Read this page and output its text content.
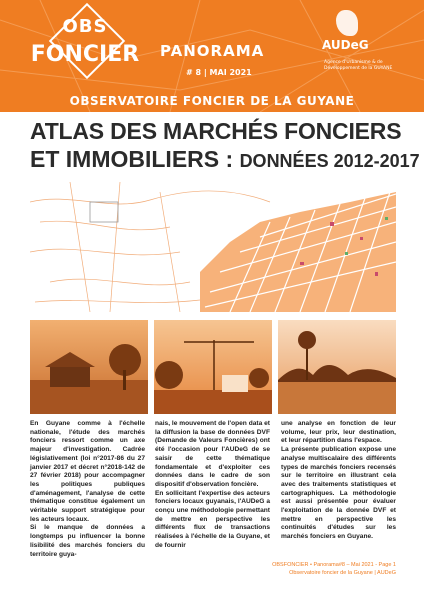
OBS
FONCIER PANORAMA
# 8 | MAI 2021
AUDeG
Agence d'Urbanisme & de Développement de la GUYANE
OBSERVATOIRE FONCIER DE LA GUYANE
ATLAS DES MARCHÉS FONCIERS
ET IMMOBILIERS : DONNÉES 2012-2017

En Guyane comme à l'échelle nationale, l'étude des marchés fonciers ressort comme un axe majeur d'investigation. Cadrée législativement (loi n°2017-86 du 27 janvier 2017 et décret n°2018-142 de 27 février 2018) pour accompagner les politiques publiques d'aménagement, l'analyse de cette thématique constitue également un véritable support stratégique pour les acteurs locaux.

Si le manque de données a longtemps pu influencer la bonne lisibilité des marchés fonciers du territoire guya-

nais, le mouvement de l'open data et la diffusion la base de données DVF (Demande de Valeurs Foncières) ont été l'occasion pour l'AUDeG de se saisir de cette thématique fondamentale et d'exploiter ces données dans le cadre de son dispositif d'observation foncière.

En sollicitant l'expertise des acteurs fonciers locaux guyanais, l'AUDeG a conçu une méthodologie permettant de mettre en perspective les différents flux de transactions réalisées à l'échelle de la Guyane, et de fournir

une analyse en fonction de leur volume, leur prix, leur destination, et leur répartition dans l'espace.

La présente publication expose une analyse multiscalaire des différents types de marchés fonciers recensés sur le territoire en illustrant cela avec des traitements statistiques et cartographiques. La méthodologie est aussi présentée pour évaluer l'exploitation de la donnée DVF et mettre en perspective les continuités d'études sur les marchés fonciers en Guyane.

OBSFONCIER • Panorama#8 – Mai 2021 - Page 1
Observatoire foncier de la Guyane | AUDeG
